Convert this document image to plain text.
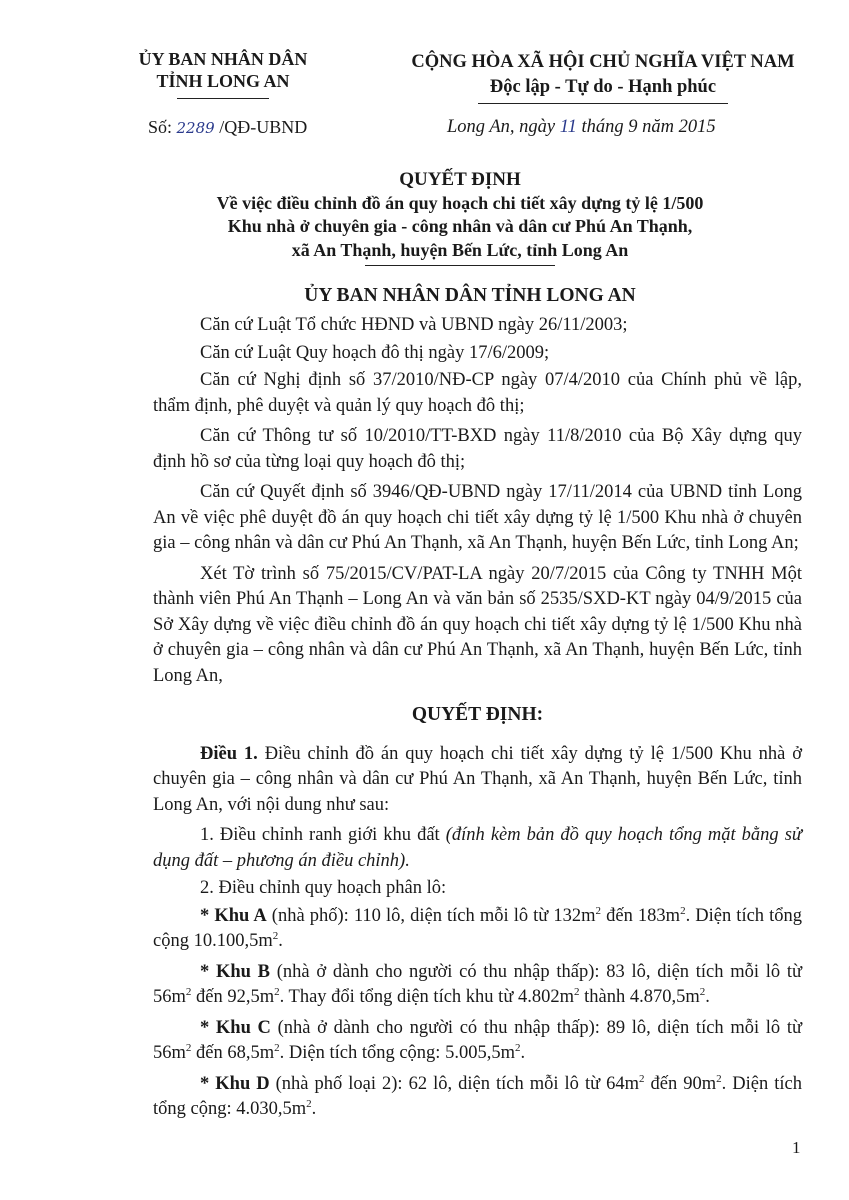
ỦY BAN NHÂN DÂN
TỈNH LONG AN
CỘNG HÒA XÃ HỘI CHỦ NGHĨA VIỆT NAM
Độc lập - Tự do - Hạnh phúc
Số: 2289 /QĐ-UBND	Long An, ngày 11 tháng 9 năm 2015
QUYẾT ĐỊNH
Về việc điều chỉnh đồ án quy hoạch chi tiết xây dựng tỷ lệ 1/500
Khu nhà ở chuyên gia - công nhân và dân cư Phú An Thạnh,
xã An Thạnh, huyện Bến Lức, tỉnh Long An
ỦY BAN NHÂN DÂN TỈNH LONG AN

Căn cứ Luật Tổ chức HĐND và UBND ngày 26/11/2003;

Căn cứ Luật Quy hoạch đô thị ngày 17/6/2009;

Căn cứ Nghị định số 37/2010/NĐ-CP ngày 07/4/2010 của Chính phủ về lập, thẩm định, phê duyệt và quản lý quy hoạch đô thị;

Căn cứ Thông tư số 10/2010/TT-BXD ngày 11/8/2010 của Bộ Xây dựng quy định hồ sơ của từng loại quy hoạch đô thị;

Căn cứ Quyết định số 3946/QĐ-UBND ngày 17/11/2014 của UBND tỉnh Long An về việc phê duyệt đồ án quy hoạch chi tiết xây dựng tỷ lệ 1/500 Khu nhà ở chuyên gia – công nhân và dân cư Phú An Thạnh, xã An Thạnh, huyện Bến Lức, tỉnh Long An;

Xét Tờ trình số 75/2015/CV/PAT-LA ngày 20/7/2015 của Công ty TNHH Một thành viên Phú An Thạnh – Long An và văn bản số 2535/SXD-KT ngày 04/9/2015 của Sở Xây dựng về việc điều chỉnh đồ án quy hoạch chi tiết xây dựng tỷ lệ 1/500 Khu nhà ở chuyên gia – công nhân và dân cư Phú An Thạnh, xã An Thạnh, huyện Bến Lức, tỉnh Long An,

QUYẾT ĐỊNH:

Điều 1. Điều chỉnh đồ án quy hoạch chi tiết xây dựng tỷ lệ 1/500 Khu nhà ở chuyên gia – công nhân và dân cư Phú An Thạnh, xã An Thạnh, huyện Bến Lức, tỉnh Long An, với nội dung như sau:

1. Điều chỉnh ranh giới khu đất (đính kèm bản đồ quy hoạch tổng mặt bằng sử dụng đất – phương án điều chỉnh).

2. Điều chỉnh quy hoạch phân lô:

* Khu A (nhà phố): 110 lô, diện tích mỗi lô từ $132m^2$ đến $183m^2$. Diện tích tổng cộng $10.100,5m^2$.

* Khu B (nhà ở dành cho người có thu nhập thấp): 83 lô, diện tích mỗi lô từ $56m^2$ đến $92,5m^2$. Thay đổi tổng diện tích khu từ $4.802m^2$ thành $4.870,5m^2$.

* Khu C (nhà ở dành cho người có thu nhập thấp): 89 lô, diện tích mỗi lô từ $56m^2$ đến $68,5m^2$. Diện tích tổng cộng: $5.005,5m^2$.

* Khu D (nhà phố loại 2): 62 lô, diện tích mỗi lô từ $64m^2$ đến $90m^2$. Diện tích tổng cộng: $4.030,5m^2$.

1
